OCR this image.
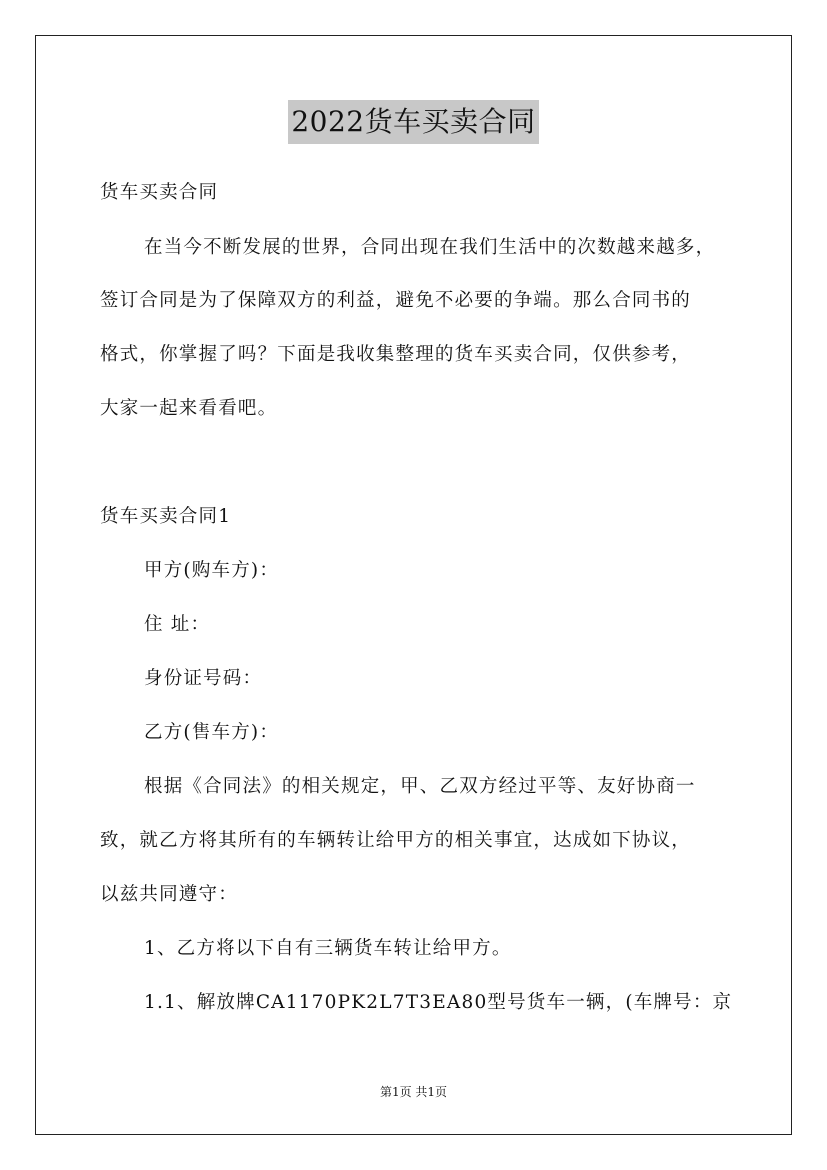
2022货车买卖合同

货车买卖合同

在当今不断发展的世界，合同出现在我们生活中的次数越来越多，

签订合同是为了保障双方的利益，避免不必要的争端。那么合同书的

格式，你掌握了吗？下面是我收集整理的货车买卖合同，仅供参考，

大家一起来看看吧。

货车买卖合同1

甲方(购车方)：

住 址：

身份证号码：

乙方(售车方)：

根据《合同法》的相关规定，甲、乙双方经过平等、友好协商一

致，就乙方将其所有的车辆转让给甲方的相关事宜，达成如下协议，

以兹共同遵守：

1、乙方将以下自有三辆货车转让给甲方。

1.1、解放牌CA1170PK2L7T3EA80型号货车一辆，(车牌号：京

第1页 共1页
